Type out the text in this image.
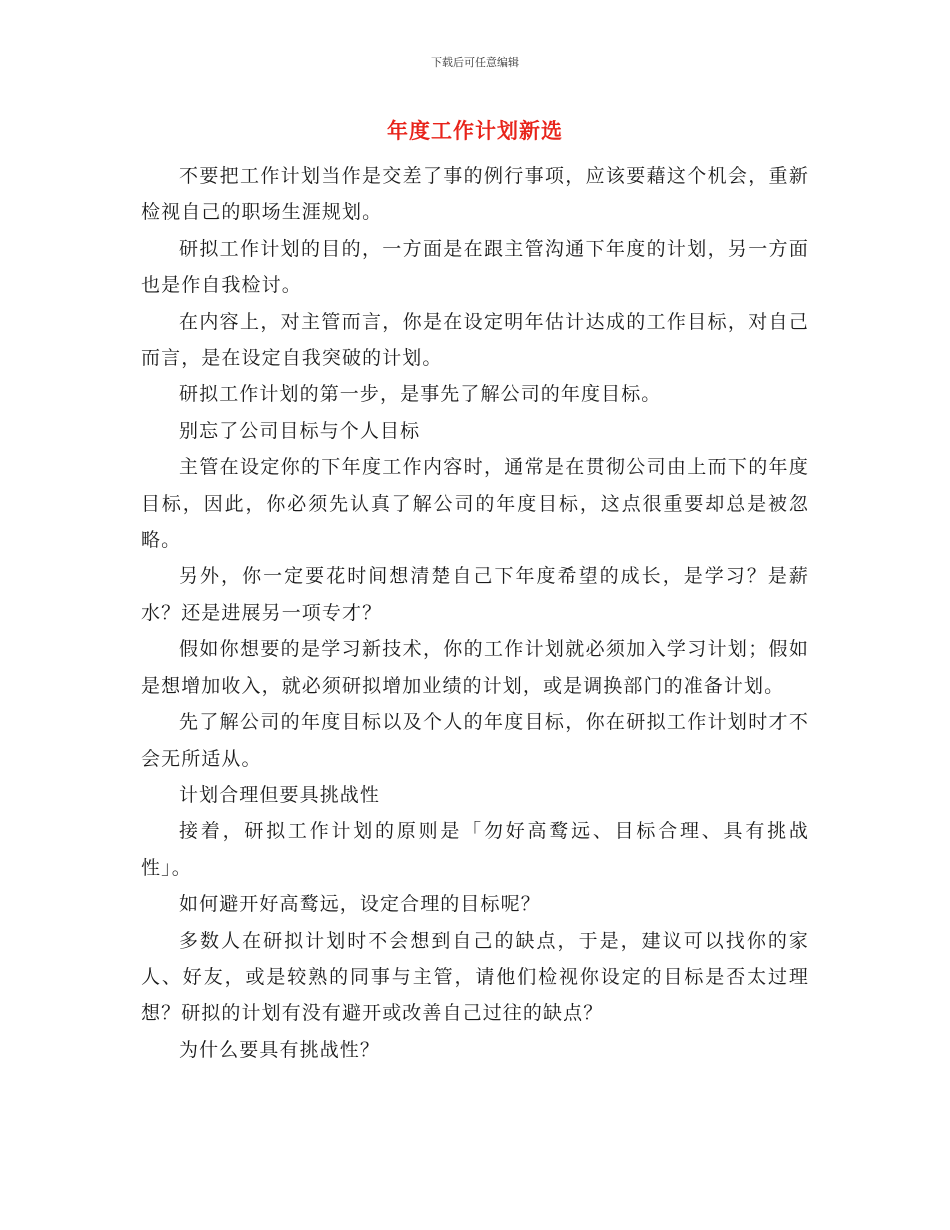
下载后可任意编辑
年度工作计划新选

不要把工作计划当作是交差了事的例行事项，应该要藉这个机会，重新检视自己的职场生涯规划。

研拟工作计划的目的，一方面是在跟主管沟通下年度的计划，另一方面也是作自我检讨。

在内容上，对主管而言，你是在设定明年估计达成的工作目标，对自己而言，是在设定自我突破的计划。

研拟工作计划的第一步，是事先了解公司的年度目标。

别忘了公司目标与个人目标

主管在设定你的下年度工作内容时，通常是在贯彻公司由上而下的年度目标，因此，你必须先认真了解公司的年度目标，这点很重要却总是被忽略。

另外，你一定要花时间想清楚自己下年度希望的成长，是学习？是薪水？还是进展另一项专才？

假如你想要的是学习新技术，你的工作计划就必须加入学习计划；假如是想增加收入，就必须研拟增加业绩的计划，或是调换部门的准备计划。

先了解公司的年度目标以及个人的年度目标，你在研拟工作计划时才不会无所适从。

计划合理但要具挑战性

接着，研拟工作计划的原则是「勿好高鹜远、目标合理、具有挑战性」。

如何避开好高鹜远，设定合理的目标呢？

多数人在研拟计划时不会想到自己的缺点，于是，建议可以找你的家人、好友，或是较熟的同事与主管，请他们检视你设定的目标是否太过理想？研拟的计划有没有避开或改善自己过往的缺点？

为什么要具有挑战性？
